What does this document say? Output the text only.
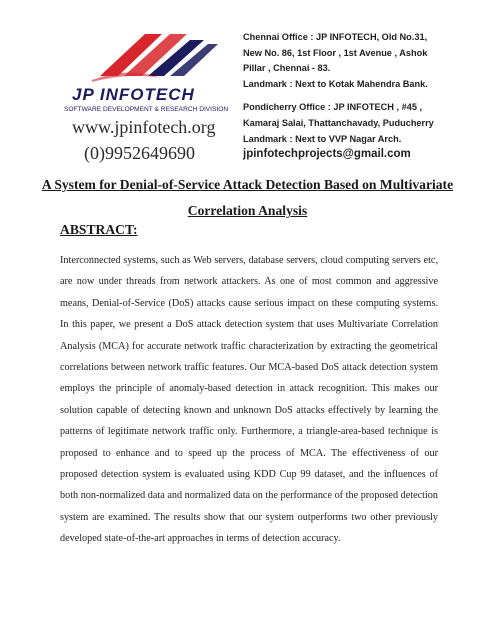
JP INFOTECH
SOFTWARE DEVELOPMENT & RESEARCH DIVISION
www.jpinfotech.org
(0)9952649690
Chennai Office : JP INFOTECH, Old No.31,
New No. 86, 1st Floor , 1st Avenue , Ashok
Pillar , Chennai - 83.
Landmark : Next to Kotak Mahendra Bank.
Pondicherry Office : JP INFOTECH , #45 ,
Kamaraj Salai, Thattanchavady, Puducherry
Landmark : Next to VVP Nagar Arch.
jpinfotechprojects@gmail.com
A System for Denial-of-Service Attack Detection Based on Multivariate Correlation Analysis
ABSTRACT:
Interconnected systems, such as Web servers, database servers, cloud computing servers etc, are now under threads from network attackers. As one of most common and aggressive means, Denial-of-Service (DoS) attacks cause serious impact on these computing systems. In this paper, we present a DoS attack detection system that uses Multivariate Correlation Analysis (MCA) for accurate network traffic characterization by extracting the geometrical correlations between network traffic features. Our MCA-based DoS attack detection system employs the principle of anomaly-based detection in attack recognition. This makes our solution capable of detecting known and unknown DoS attacks effectively by learning the patterns of legitimate network traffic only. Furthermore, a triangle-area-based technique is proposed to enhance and to speed up the process of MCA. The effectiveness of our proposed detection system is evaluated using KDD Cup 99 dataset, and the influences of both non-normalized data and normalized data on the performance of the proposed detection system are examined. The results show that our system outperforms two other previously developed state-of-the-art approaches in terms of detection accuracy.
